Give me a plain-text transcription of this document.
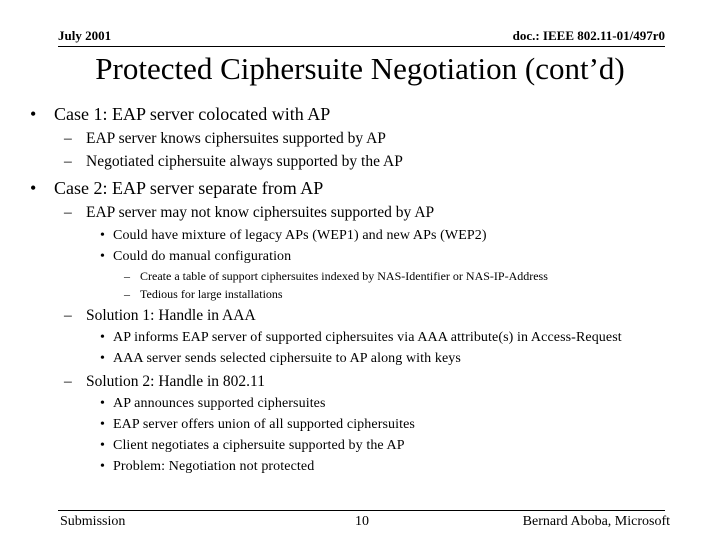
July 2001	doc.: IEEE 802.11-01/497r0
Protected Ciphersuite Negotiation (cont’d)
• Case 1: EAP server colocated with AP
– EAP server knows ciphersuites supported by AP
– Negotiated ciphersuite always supported by the AP
• Case 2: EAP server separate from AP
– EAP server may not know ciphersuites supported by AP
• Could have mixture of legacy APs (WEP1) and new APs (WEP2)
• Could do manual configuration
– Create a table of support ciphersuites indexed by NAS-Identifier or NAS-IP-Address
– Tedious for large installations
– Solution 1: Handle in AAA
• AP informs EAP server of supported ciphersuites via AAA attribute(s) in Access-Request
• AAA server sends selected ciphersuite to AP along with keys
– Solution 2: Handle in 802.11
• AP announces supported ciphersuites
• EAP server offers union of all supported ciphersuites
• Client negotiates a ciphersuite supported by the AP
• Problem: Negotiation not protected
Submission	10	Bernard Aboba, Microsoft
